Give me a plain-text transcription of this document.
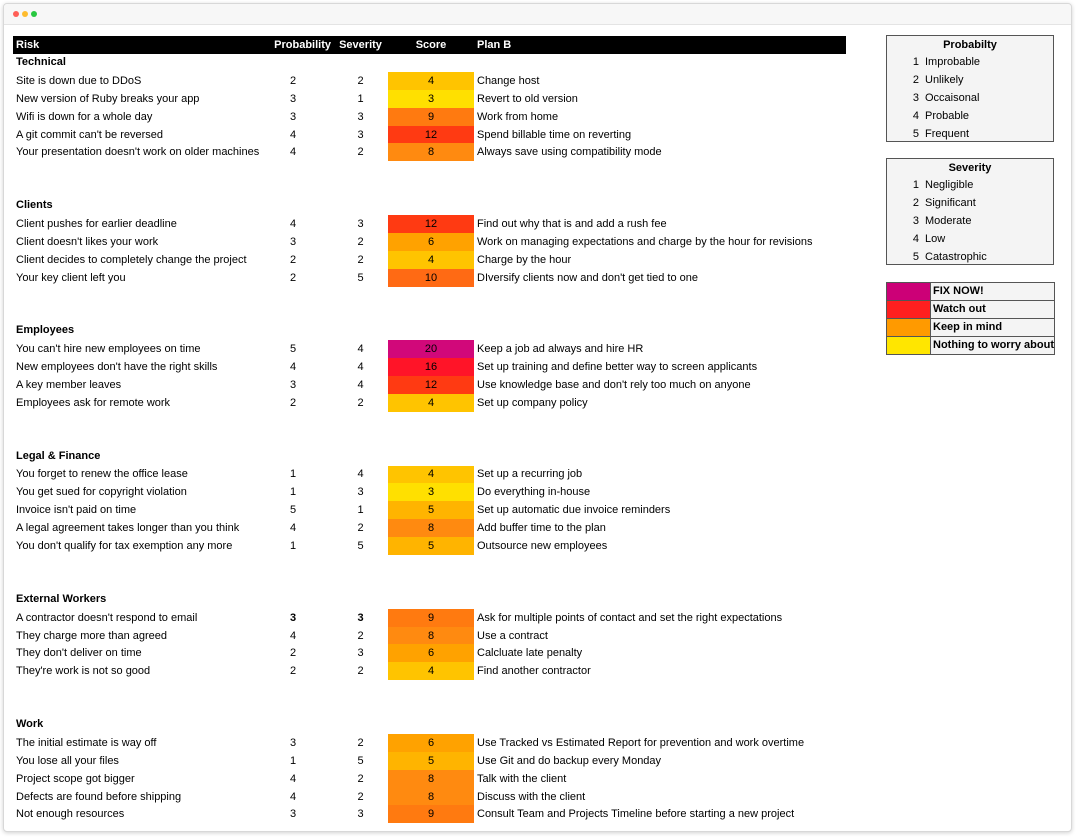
Risk	Probability Severity	Score	Plan B
Technical
Site is down due to DDoS	2	2	4	Change host
New version of Ruby breaks your app	3	1	3	Revert to old version
Wifi is down for a whole day	3	3	9	Work from home
A git commit can't be reversed	4	3	12	Spend billable time on reverting
Your presentation doesn't work on older machines	4	2	8	Always save using compatibility mode
Clients
Client pushes for earlier deadline	4	3	12	Find out why that is and add a rush fee
Client doesn't likes your work	3	2	6	Work on managing expectations and charge by the hour for revisions
Client decides to completely change the project	2	2	4	Charge by the hour
Your key client left you	2	5	10	DIversify clients now and don't get tied to one
Employees
You can't hire new employees on time	5	4	20	Keep a job ad always and hire HR
New employees don't have the right skills	4	4	16	Set up training and define better way to screen applicants
A key member leaves	3	4	12	Use knowledge base and don't rely too much on anyone
Employees ask for remote work	2	2	4	Set up company policy
Legal & Finance
You forget to renew the office lease	1	4	4	Set up a recurring job
You get sued for copyright violation	1	3	3	Do everything in-house
Invoice isn't paid on time	5	1	5	Set up automatic due invoice reminders
A legal agreement takes longer than you think	4	2	8	Add buffer time to the plan
You don't qualify for tax exemption any more	1	5	5	Outsource new employees
External Workers
A contractor doesn't respond to email	3	3	9	Ask for multiple points of contact and set the right expectations
They charge more than agreed	4	2	8	Use a contract
They don't deliver on time	2	3	6	Calcluate late penalty
They're work is not so good	2	2	4	Find another contractor
Work
The initial estimate is way off	3	2	6	Use Tracked vs Estimated Report for prevention and work overtime
You lose all your files	1	5	5	Use Git and do backup every Monday
Project scope got bigger	4	2	8	Talk with the client
Defects are found before shipping	4	2	8	Discuss with the client
Not enough resources	3	3	9	Consult Team and Projects Timeline before starting a new project
Probabilty
1 Improbable
2 Unlikely
3 Occaisonal
4 Probable
5 Frequent
Severity
1 Negligible
2 Significant
3 Moderate
4 Low
5 Catastrophic
FIX NOW!
Watch out
Keep in mind
Nothing to worry about
